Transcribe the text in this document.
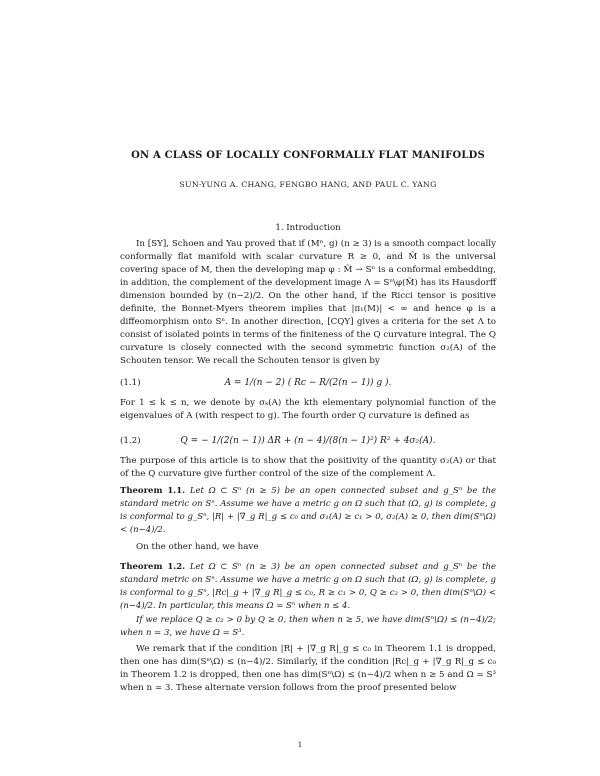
ON A CLASS OF LOCALLY CONFORMALLY FLAT MANIFOLDS
SUN-YUNG A. CHANG, FENGBO HANG, AND PAUL C. YANG
1. Introduction
In [SY], Schoen and Yau proved that if (Mⁿ, g) (n ≥ 3) is a smooth compact locally conformally flat manifold with scalar curvature R ≥ 0, and M̃ is the universal covering space of M, then the developing map φ : M̃ → Sⁿ is a conformal embedding, in addition, the complement of the development image Λ = Sⁿ\φ(M̃) has its Hausdorff dimension bounded by (n−2)/2. On the other hand, if the Ricci tensor is positive definite, the Bonnet-Myers theorem implies that |π₁(M)| < ∞ and hence φ is a diffeomorphism onto Sⁿ. In another direction, [CQY] gives a criteria for the set Λ to consist of isolated points in terms of the finiteness of the Q curvature integral. The Q curvature is closely connected with the second symmetric function σ₂(A) of the Schouten tensor. We recall the Schouten tensor is given by
(1.1)	A = 1/(n − 2) ( Rc − R/(2(n − 1)) g ).
For 1 ≤ k ≤ n, we denote by σₖ(A) the kth elementary polynomial function of the eigenvalues of A (with respect to g). The fourth order Q curvature is defined as
(1.2)	Q = − 1/(2(n − 1)) ΔR + (n − 4)/(8(n − 1)²) R² + 4σ₂(A).
The purpose of this article is to show that the positivity of the quantity σ₂(A) or that of the Q curvature give further control of the size of the complement Λ.
Theorem 1.1. Let Ω ⊂ Sⁿ (n ≥ 5) be an open connected subset and g_Sⁿ be the standard metric on Sⁿ. Assume we have a metric g on Ω such that (Ω, g) is complete, g is conformal to g_Sⁿ, |R| + |∇_g R|_g ≤ c₀ and σ₁(A) ≥ c₁ > 0, σ₂(A) ≥ 0, then dim(Sⁿ\Ω) < (n−4)/2.
On the other hand, we have
Theorem 1.2. Let Ω ⊂ Sⁿ (n ≥ 3) be an open connected subset and g_Sⁿ be the standard metric on Sⁿ. Assume we have a metric g on Ω such that (Ω, g) is complete, g is conformal to g_Sⁿ, |Rc|_g + |∇_g R|_g ≤ c₀, R ≥ c₁ > 0, Q ≥ c₂ > 0, then dim(Sⁿ\Ω) < (n−4)/2. In particular, this means Ω = Sⁿ when n ≤ 4.
If we replace Q ≥ c₂ > 0 by Q ≥ 0, then when n ≥ 5, we have dim(Sⁿ\Ω) ≤ (n−4)/2; when n = 3, we have Ω = S³.
We remark that if the condition |R| + |∇_g R|_g ≤ c₀ in Theorem 1.1 is dropped, then one has dim(Sⁿ\Ω) ≤ (n−4)/2. Similarly, if the condition |Rc|_g + |∇_g R|_g ≤ c₀ in Theorem 1.2 is dropped, then one has dim(Sⁿ\Ω) ≤ (n−4)/2 when n ≥ 5 and Ω = S³ when n = 3. These alternate version follows from the proof presented below
1
